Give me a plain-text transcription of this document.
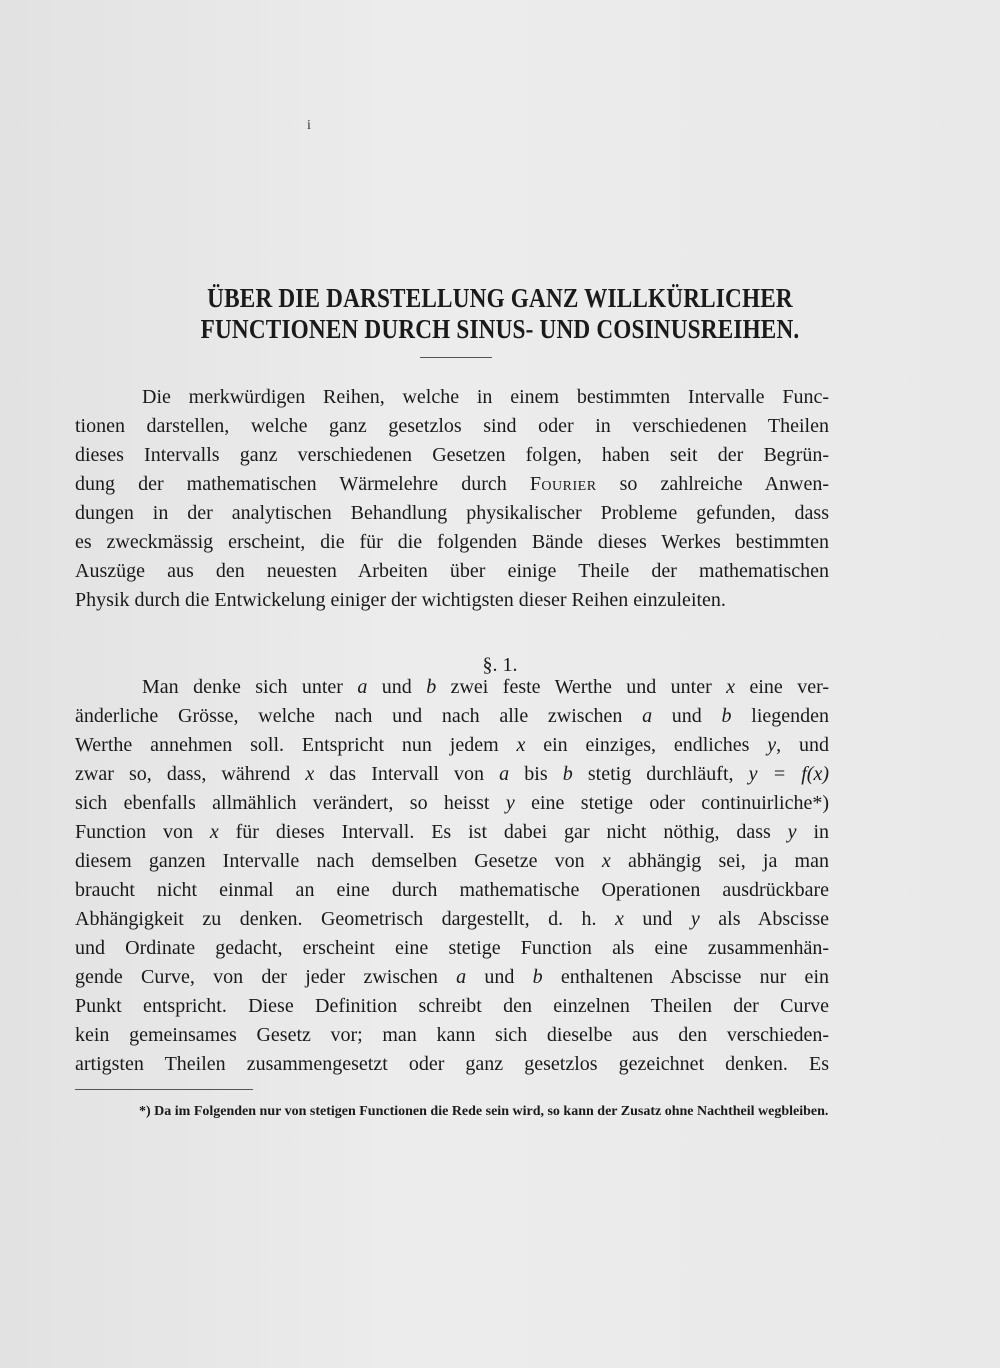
i
ÜBER DIE DARSTELLUNG GANZ WILLKÜRLICHER
FUNCTIONEN DURCH SINUS- UND COSINUSREIHEN.
Die merkwürdigen Reihen, welche in einem bestimmten Intervalle Func-
tionen darstellen, welche ganz gesetzlos sind oder in verschiedenen Theilen
dieses Intervalls ganz verschiedenen Gesetzen folgen, haben seit der Begrün-
dung der mathematischen Wärmelehre durch Fourier so zahlreiche Anwen-
dungen in der analytischen Behandlung physikalischer Probleme gefunden, dass
es zweckmässig erscheint, die für die folgenden Bände dieses Werkes bestimmten
Auszüge aus den neuesten Arbeiten über einige Theile der mathematischen
Physik durch die Entwickelung einiger der wichtigsten dieser Reihen einzuleiten.
§. 1.
Man denke sich unter a und b zwei feste Werthe und unter x eine ver-
änderliche Grösse, welche nach und nach alle zwischen a und b liegenden
Werthe annehmen soll. Entspricht nun jedem x ein einziges, endliches y, und
zwar so, dass, während x das Intervall von a bis b stetig durchläuft, y = f(x)
sich ebenfalls allmählich verändert, so heisst y eine stetige oder continuirliche*)
Function von x für dieses Intervall. Es ist dabei gar nicht nöthig, dass y in
diesem ganzen Intervalle nach demselben Gesetze von x abhängig sei, ja man
braucht nicht einmal an eine durch mathematische Operationen ausdrückbare
Abhängigkeit zu denken. Geometrisch dargestellt, d. h. x und y als Abscisse
und Ordinate gedacht, erscheint eine stetige Function als eine zusammenhän-
gende Curve, von der jeder zwischen a und b enthaltenen Abscisse nur ein
Punkt entspricht. Diese Definition schreibt den einzelnen Theilen der Curve
kein gemeinsames Gesetz vor; man kann sich dieselbe aus den verschieden-
artigsten Theilen zusammengesetzt oder ganz gesetzlos gezeichnet denken. Es
*) Da im Folgenden nur von stetigen Functionen die Rede sein wird, so kann der Zusatz ohne Nachtheil wegbleiben.
